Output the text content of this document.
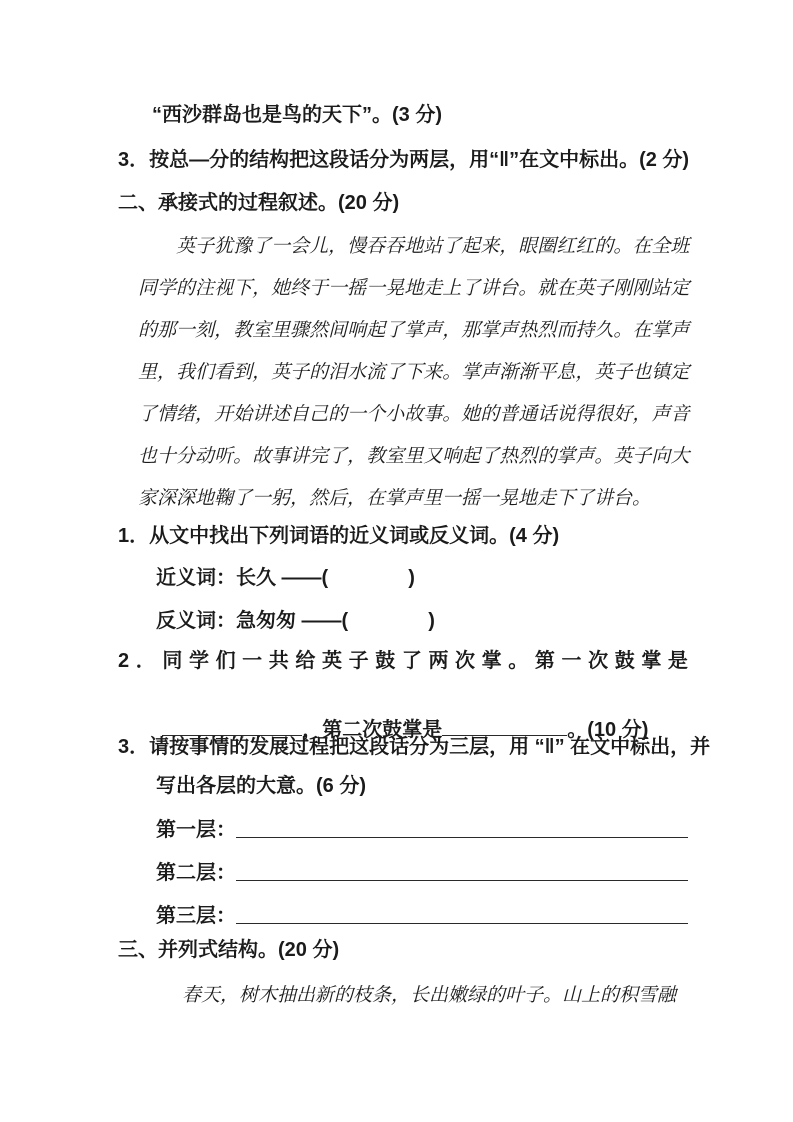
“西沙群岛也是鸟的天下”。(3 分)
3．按总—分的结构把这段话分为两层，用“‖”在文中标出。(2 分)
二、承接式的过程叙述。(20 分)
英 子 犹 豫 了 一 会 儿 ， 慢 吞 吞 地 站 了 起 来 ， 眼 圈 红 红 的 。 在 全 班
同 学 的 注 视 下 ， 她 终 于 一 摇 一 晃 地 走 上 了 讲 台 。 就 在 英 子 刚 刚 站 定
的 那 一 刻 ， 教 室 里 骤 然 间 响 起 了 掌 声 ， 那 掌 声 热 烈 而 持 久 。 在 掌 声
里 ， 我 们 看 到 ， 英 子 的 泪 水 流 了 下 来 。 掌 声 渐 渐 平 息 ， 英 子 也 镇 定
了 情 绪 ， 开 始 讲 述 自 己 的 一 个 小 故 事 。 她 的 普 通 话 说 得 很 好 ， 声 音
也 十 分 动 听 。 故 事 讲 完 了 ， 教 室 里 又 响 起 了 热 烈 的 掌 声 。 英 子 向 大
家深深地鞠了一躬，然后，在掌声里一摇一晃地走下了讲台。
1．从文中找出下列词语的近义词或反义词。(4 分)
近义词：长久 ——(　　　　)
反义词：急匆匆 ——(　　　　)
2 ． 同 学 们 一 共 给 英 子 鼓 了 两 次 掌 。 第 一 次 鼓 掌 是

，第二次鼓掌是	。(10 分)

3．请按事情的发展过程把这段话分为三层，用 “‖” 在文中标出，并
写出各层的大意。(6 分)
第一层：
第二层：
第三层：
三、并列式结构。(20 分)
春天，树木抽出新的枝条，长出嫩绿的叶子。山上的积雪融
